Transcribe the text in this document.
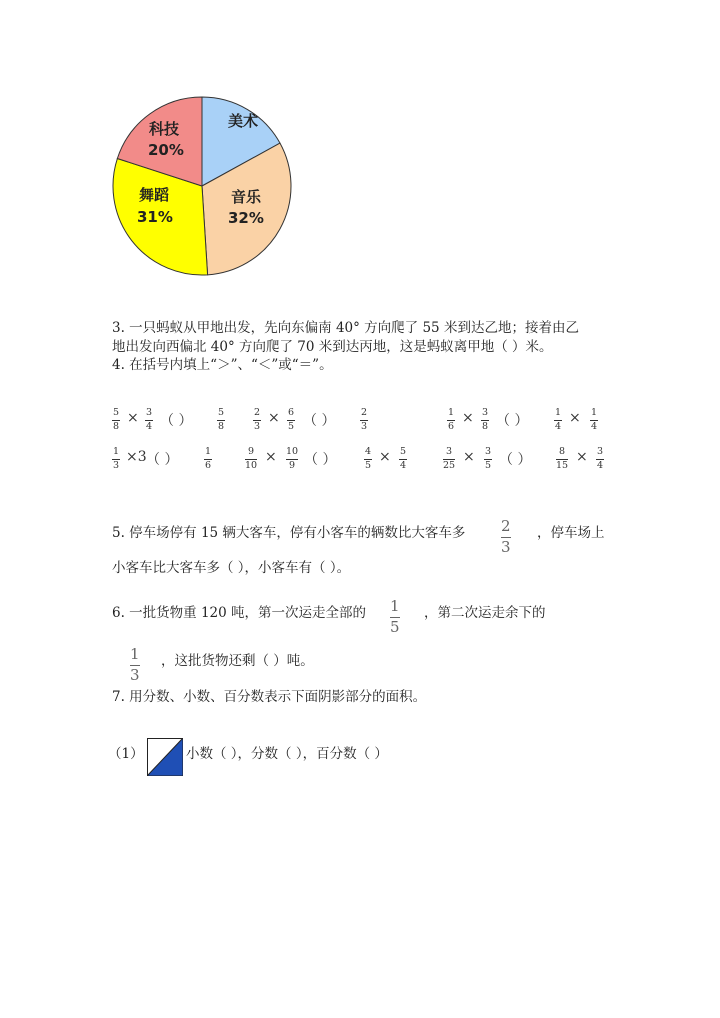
美术
科技
20%
音乐
32%
舞蹈
31%
3. 一只蚂蚁从甲地出发，先向东偏南 40° 方向爬了 55 米到达乙地；接着由乙
地出发向西偏北 40° 方向爬了 70 米到达丙地，这是蚂蚁离甲地（ ）米。
4. 在括号内填上“＞”、“＜”或“＝”。
5
8
× 3
4 （ ）
5
8
2
3
× 6
5 （ ）
2
3
1
6
× 3
8 （ ）
1
4
× 1
4
1
3
×3 （ ）
1
6
9
10
× 10
9 （ ）
4
5
× 5
4
3
25
× 3
5 （ ）
8
15
× 3
4
5. 停车场停有 15 辆大客车，停有小客车的辆数比大客车多 2
3
，停车场上
小客车比大客车多（ ），小客车有（ ）。
6. 一批货物重 120 吨，第一次运走全部的 1
5
，第二次运走余下的
1
3
，这批货物还剩（ ）吨。
7. 用分数、小数、百分数表示下面阴影部分的面积。
（1）	小数（ ），分数（ ），百分数（ ）
